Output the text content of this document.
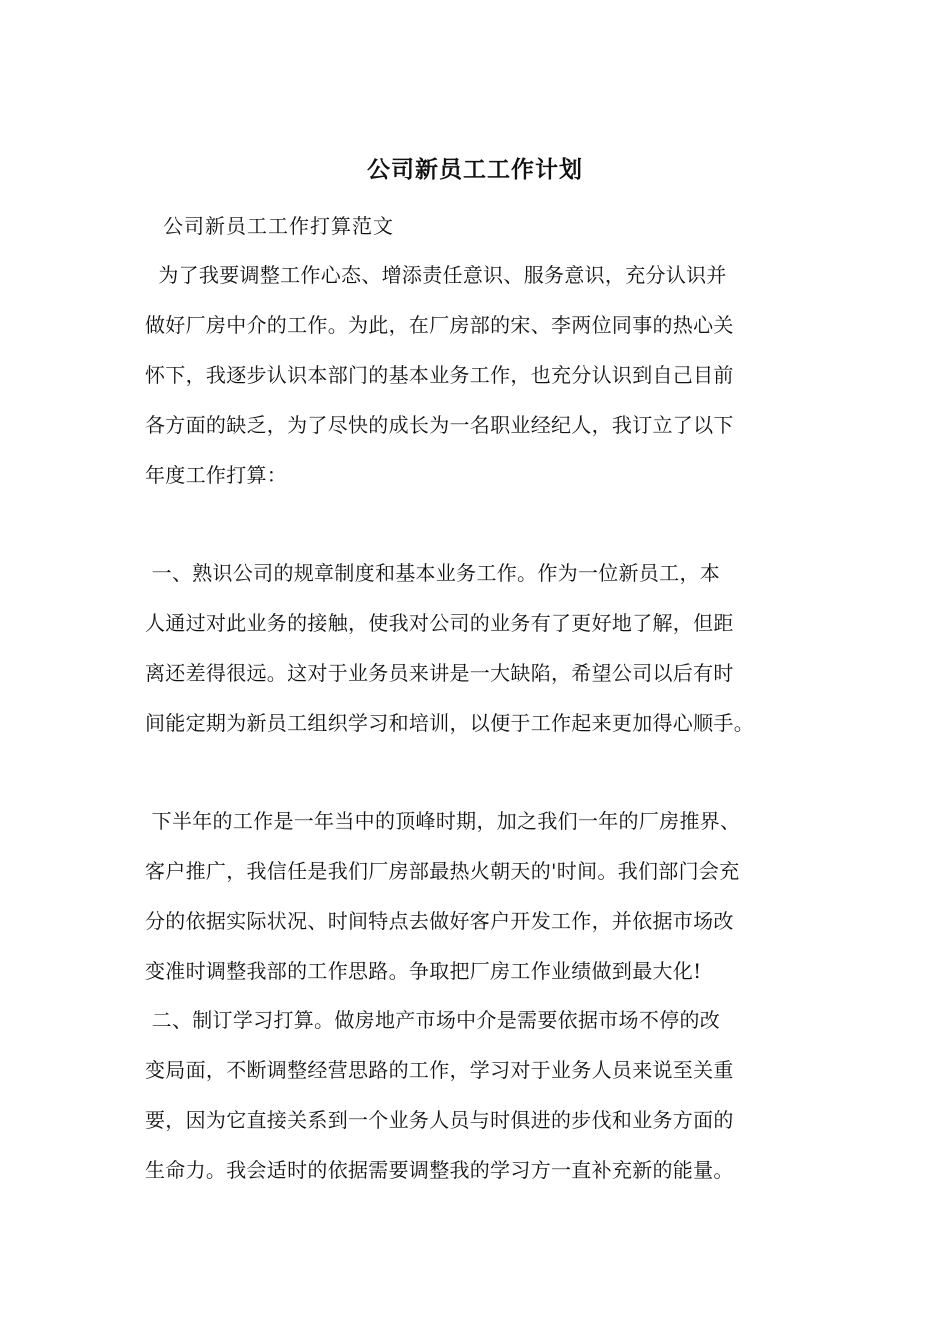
公司新员工工作计划
公司新员工工作打算范文
为了我要调整工作心态、增添责任意识、服务意识，充分认识并
做好厂房中介的工作。为此，在厂房部的宋、李两位同事的热心关
怀下，我逐步认识本部门的基本业务工作，也充分认识到自己目前
各方面的缺乏，为了尽快的成长为一名职业经纪人，我订立了以下
年度工作打算：
一、熟识公司的规章制度和基本业务工作。作为一位新员工，本
人通过对此业务的接触，使我对公司的业务有了更好地了解，但距
离还差得很远。这对于业务员来讲是一大缺陷，希望公司以后有时
间能定期为新员工组织学习和培训，以便于工作起来更加得心顺手。
下半年的工作是一年当中的顶峰时期，加之我们一年的厂房推界、
客户推广，我信任是我们厂房部最热火朝天的'时间。我们部门会充
分的依据实际状况、时间特点去做好客户开发工作，并依据市场改
变准时调整我部的工作思路。争取把厂房工作业绩做到最大化!
二、制订学习打算。做房地产市场中介是需要依据市场不停的改
变局面，不断调整经营思路的工作，学习对于业务人员来说至关重
要，因为它直接关系到一个业务人员与时俱进的步伐和业务方面的
生命力。我会适时的依据需要调整我的学习方一直补充新的能量。
